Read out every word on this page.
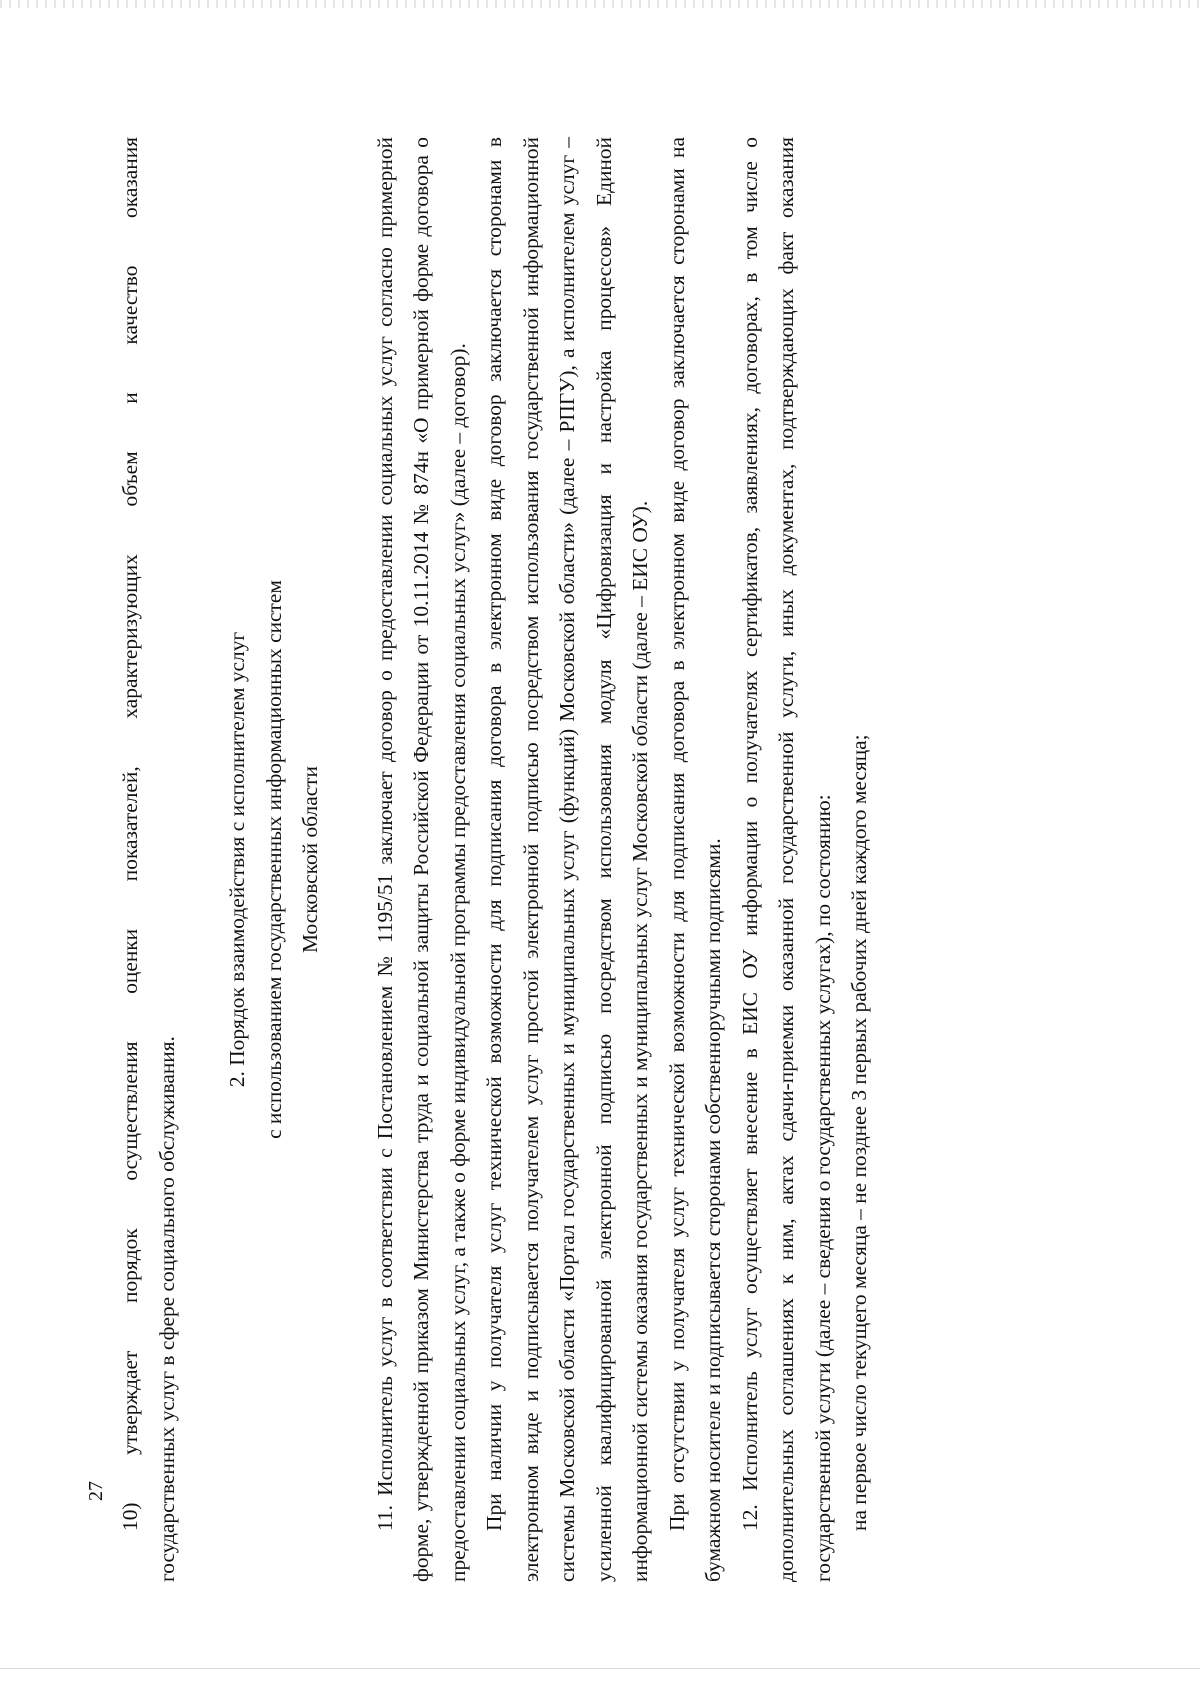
27 10) утверждает порядок осуществления оценки показателей, характеризующих объем и качество оказания государственных услуг в сфере социального обслуживания.

2. Порядок взаимодействия с исполнителем услуг с использованием государственных информационных систем Московской области	11. Исполнитель услуг в соответствии с Постановлением № 1195/51 заключает договор о предоставлении социальных услуг согласно примерной форме, утвержденной приказом Министерства труда и социальной защиты Российской Федерации от 10.11.2014 № 874н «О примерной форме договора о предоставлении социальных услуг, а также о форме индивидуальной программы предоставления социальных услуг» (далее – договор). При наличии у получателя услуг технической возможности для подписания договора в электронном виде договор заключается сторонами в электронном виде и подписывается получателем услуг простой электронной подписью посредством использования государственной информационной системы Московской области «Портал государственных и муниципальных услуг (функций) Московской области» (далее – РПГУ), а исполнителем услуг – усиленной квалифицированной электронной подписью посредством использования модуля «Цифровизация и настройка процессов» Единой информационной системы оказания государственных и муниципальных услуг Московской области (далее – ЕИС ОУ). При отсутствии у получателя услуг технической возможности для подписания договора в электронном виде договор заключается сторонами на бумажном носителе и подписывается сторонами собственноручными подписями. 12. Исполнитель услуг осуществляет внесение в ЕИС ОУ информации о получателях сертификатов, заявлениях, договорах, в том числе о дополнительных соглашениях к ним, актах сдачи-приемки оказанной государственной услуги, иных документах, подтверждающих факт оказания государственной услуги (далее – сведения о государственных услугах), по состоянию: на первое число текущего месяца – не позднее 3 первых рабочих дней каждого месяца;
